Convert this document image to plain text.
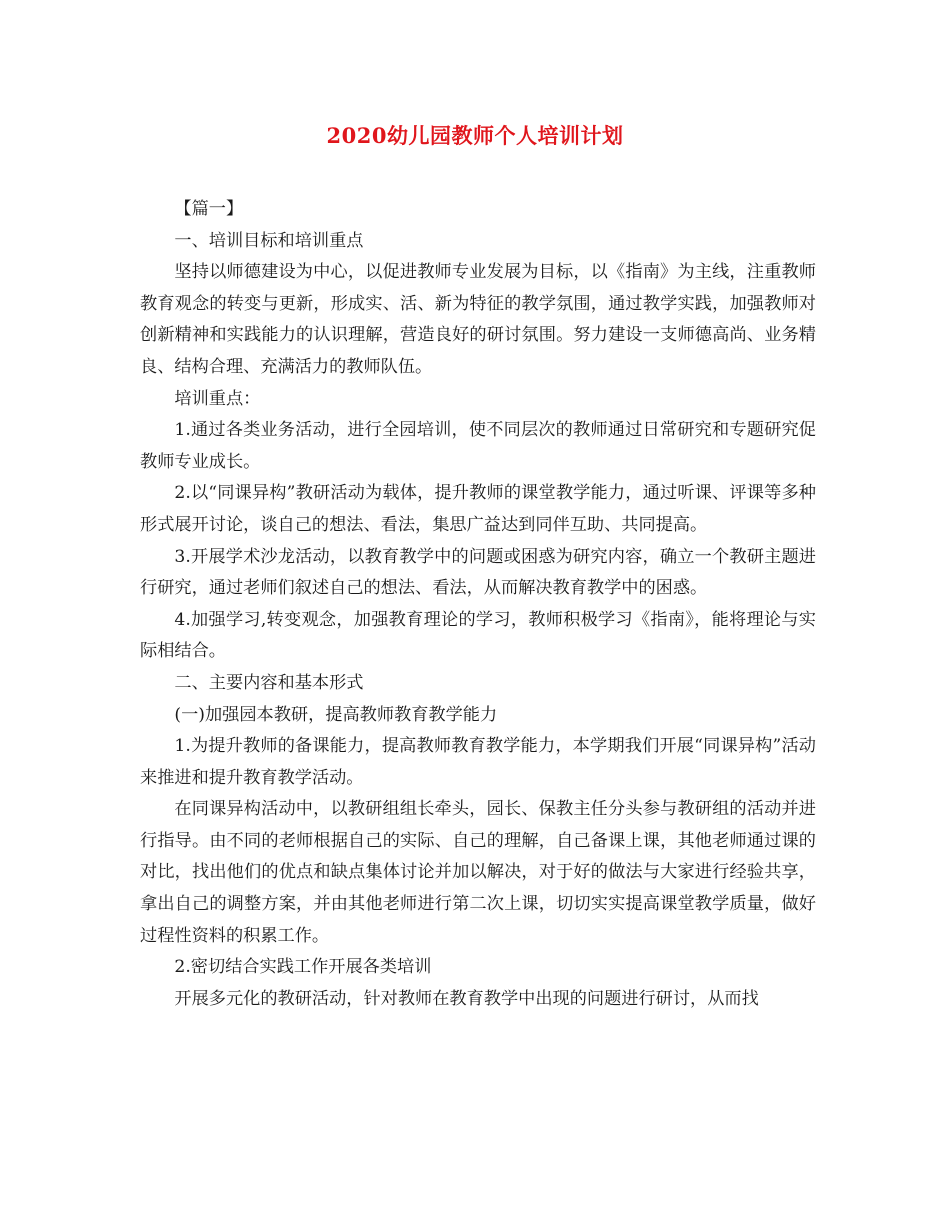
2020幼儿园教师个人培训计划

【篇一】

一、培训目标和培训重点

坚持以师德建设为中心，以促进教师专业发展为目标，以《指南》为主线，注重教师教育观念的转变与更新，形成实、活、新为特征的教学氛围，通过教学实践，加强教师对创新精神和实践能力的认识理解，营造良好的研讨氛围。努力建设一支师德高尚、业务精良、结构合理、充满活力的教师队伍。

培训重点：

1.通过各类业务活动，进行全园培训，使不同层次的教师通过日常研究和专题研究促教师专业成长。

2.以“同课异构”教研活动为载体，提升教师的课堂教学能力，通过听课、评课等多种形式展开讨论，谈自己的想法、看法，集思广益达到同伴互助、共同提高。

3.开展学术沙龙活动，以教育教学中的问题或困惑为研究内容，确立一个教研主题进行研究，通过老师们叙述自己的想法、看法，从而解决教育教学中的困惑。

4.加强学习,转变观念，加强教育理论的学习，教师积极学习《指南》，能将理论与实际相结合。

二、主要内容和基本形式

(一)加强园本教研，提高教师教育教学能力

1.为提升教师的备课能力，提高教师教育教学能力，本学期我们开展“同课异构”活动来推进和提升教育教学活动。

在同课异构活动中，以教研组组长牵头，园长、保教主任分头参与教研组的活动并进行指导。由不同的老师根据自己的实际、自己的理解，自己备课上课，其他老师通过课的对比，找出他们的优点和缺点集体讨论并加以解决，对于好的做法与大家进行经验共享，拿出自己的调整方案，并由其他老师进行第二次上课，切切实实提高课堂教学质量，做好过程性资料的积累工作。

2.密切结合实践工作开展各类培训

开展多元化的教研活动，针对教师在教育教学中出现的问题进行研讨，从而找
